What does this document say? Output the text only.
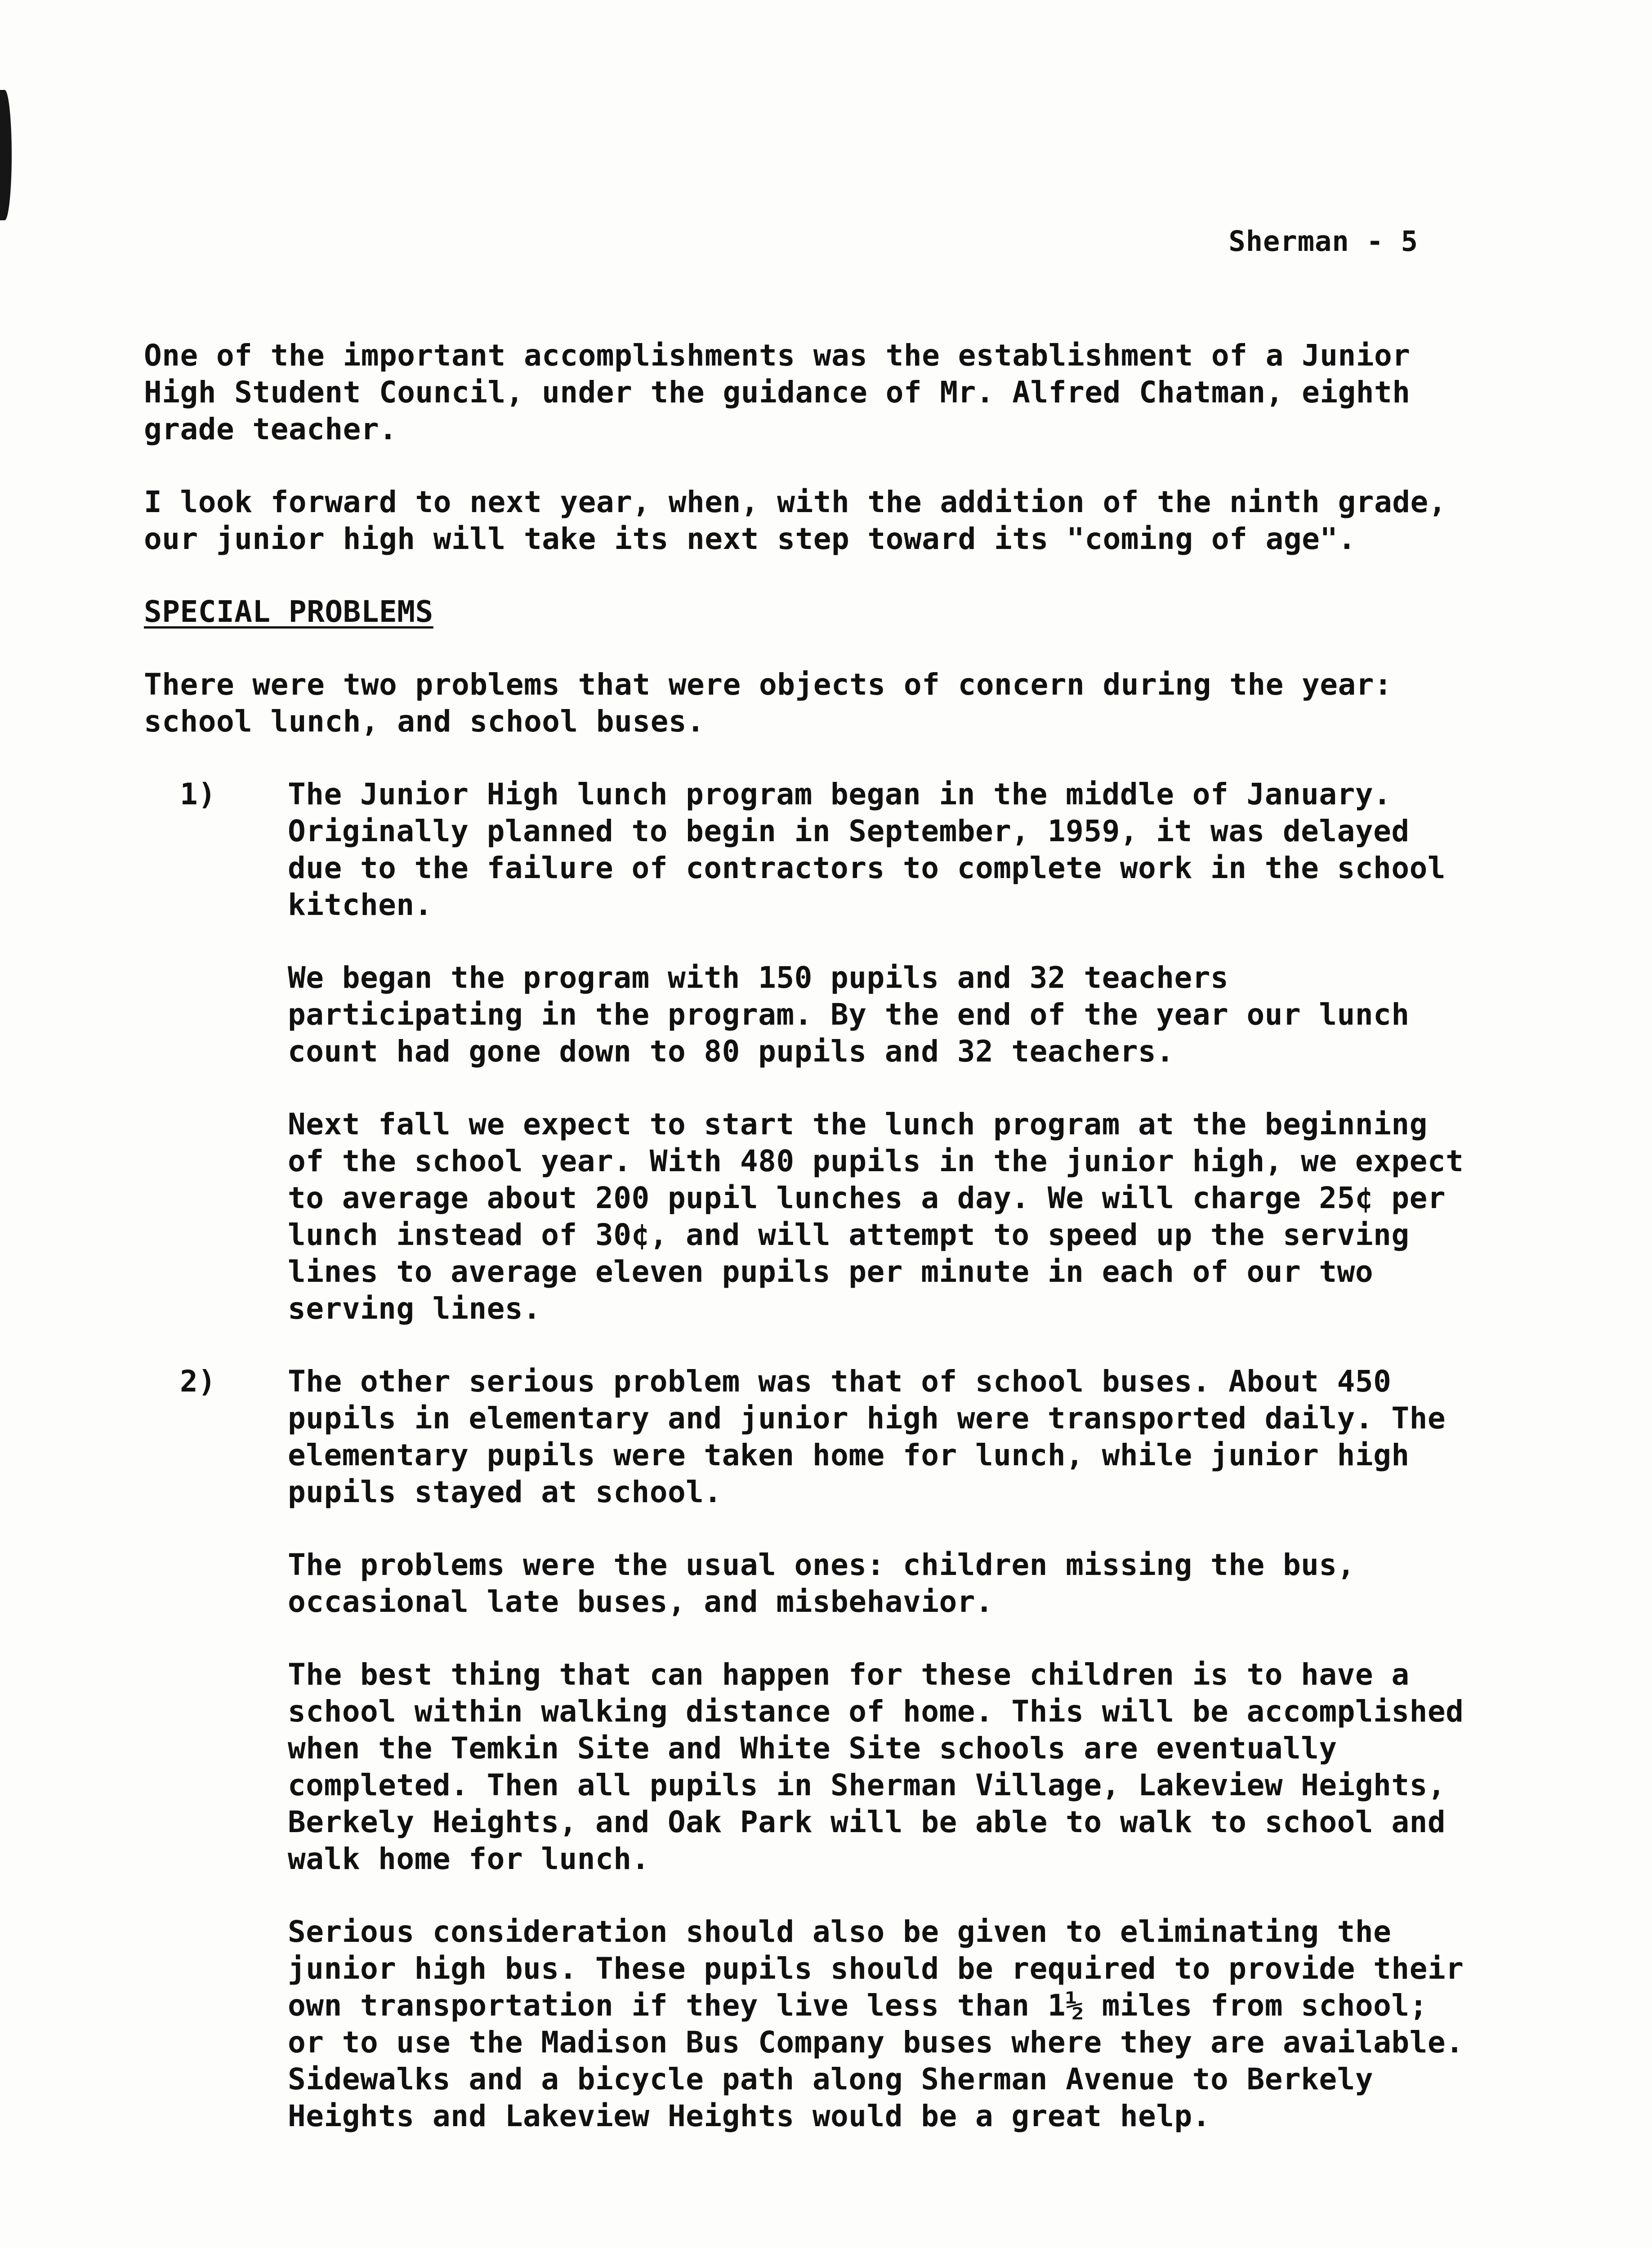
Sherman - 5

One of the important accomplishments was the establishment of a Junior High Student Council, under the guidance of Mr. Alfred Chatman, eighth grade teacher.

I look forward to next year, when, with the addition of the ninth grade, our junior high will take its next step toward its "coming of age".

SPECIAL PROBLEMS

There were two problems that were objects of concern during the year: school lunch, and school buses.

1)	The Junior High lunch program began in the middle of January. Originally planned to begin in September, 1959, it was delayed due to the failure of contractors to complete work in the school kitchen.
We began the program with 150 pupils and 32 teachers participating in the program. By the end of the year our lunch count had gone down to 80 pupils and 32 teachers.
Next fall we expect to start the lunch program at the beginning of the school year. With 480 pupils in the junior high, we expect to average about 200 pupil lunches a day. We will charge 25¢ per lunch instead of 30¢, and will attempt to speed up the serving lines to average eleven pupils per minute in each of our two serving lines.
2)	The other serious problem was that of school buses. About 450 pupils in elementary and junior high were transported daily. The elementary pupils were taken home for lunch, while junior high pupils stayed at school.
The problems were the usual ones: children missing the bus, occasional late buses, and misbehavior.
The best thing that can happen for these children is to have a school within walking distance of home. This will be accomplished when the Temkin Site and White Site schools are eventually completed. Then all pupils in Sherman Village, Lakeview Heights, Berkely Heights, and Oak Park will be able to walk to school and walk home for lunch.
Serious consideration should also be given to eliminating the junior high bus. These pupils should be required to provide their own transportation if they live less than 1½ miles from school; or to use the Madison Bus Company buses where they are available. Sidewalks and a bicycle path along Sherman Avenue to Berkely Heights and Lakeview Heights would be a great help.
